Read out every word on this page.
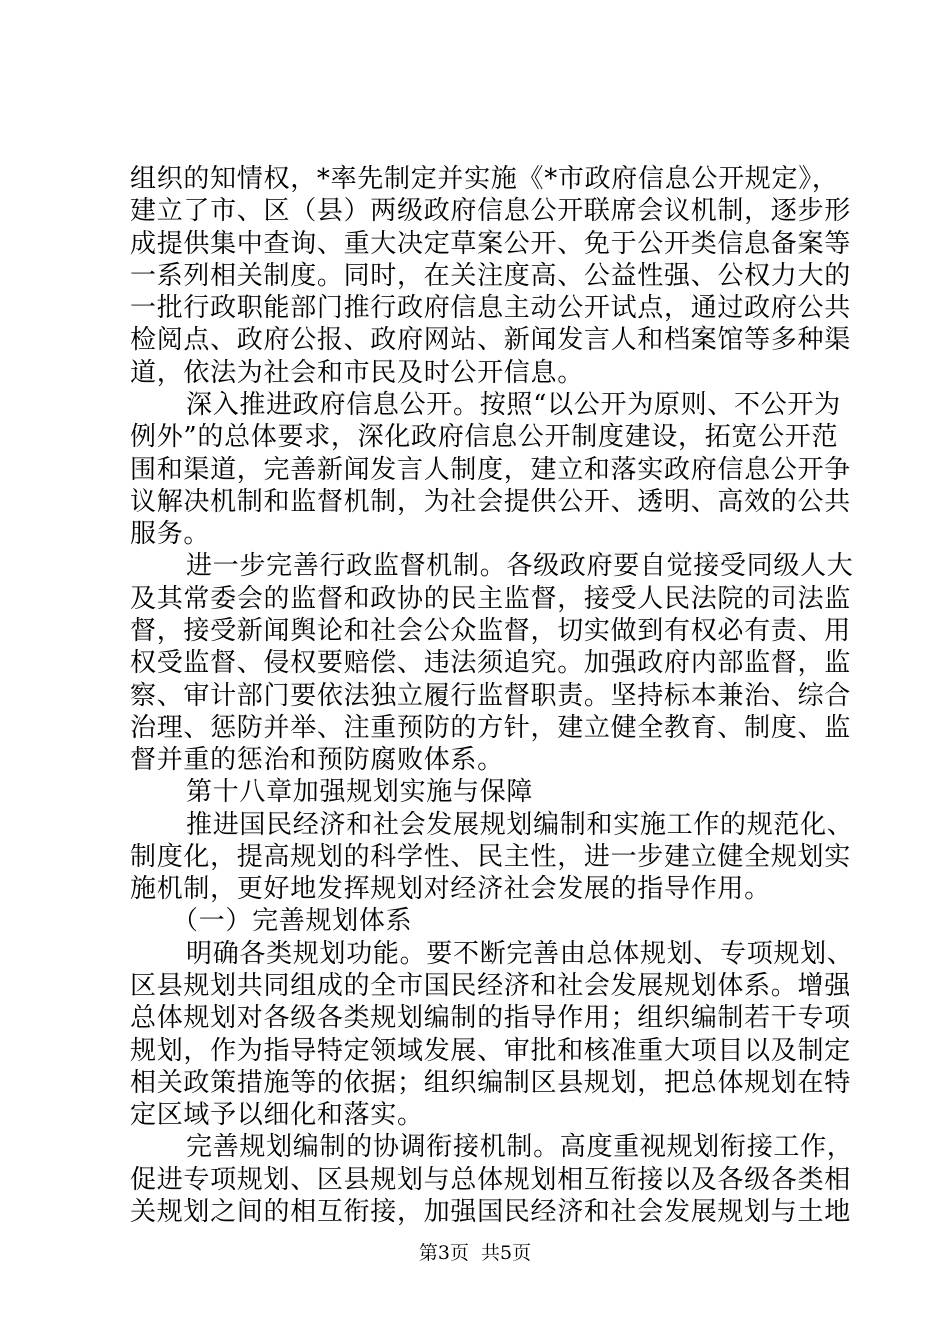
组织的知情权，*率先制定并实施《*市政府信息公开规定》，
建立了市、区（县）两级政府信息公开联席会议机制，逐步形
成提供集中查询、重大决定草案公开、免于公开类信息备案等
一系列相关制度。同时，在关注度高、公益性强、公权力大的
一批行政职能部门推行政府信息主动公开试点，通过政府公共
检阅点、政府公报、政府网站、新闻发言人和档案馆等多种渠
道，依法为社会和市民及时公开信息。
深入推进政府信息公开。按照“以公开为原则、不公开为
例外”的总体要求，深化政府信息公开制度建设，拓宽公开范
围和渠道，完善新闻发言人制度，建立和落实政府信息公开争
议解决机制和监督机制，为社会提供公开、透明、高效的公共
服务。
进一步完善行政监督机制。各级政府要自觉接受同级人大
及其常委会的监督和政协的民主监督，接受人民法院的司法监
督，接受新闻舆论和社会公众监督，切实做到有权必有责、用
权受监督、侵权要赔偿、违法须追究。加强政府内部监督，监
察、审计部门要依法独立履行监督职责。坚持标本兼治、综合
治理、惩防并举、注重预防的方针，建立健全教育、制度、监
督并重的惩治和预防腐败体系。
第十八章加强规划实施与保障
推进国民经济和社会发展规划编制和实施工作的规范化、
制度化，提高规划的科学性、民主性，进一步建立健全规划实
施机制，更好地发挥规划对经济社会发展的指导作用。
（一）完善规划体系
明确各类规划功能。要不断完善由总体规划、专项规划、
区县规划共同组成的全市国民经济和社会发展规划体系。增强
总体规划对各级各类规划编制的指导作用；组织编制若干专项
规划，作为指导特定领域发展、审批和核准重大项目以及制定
相关政策措施等的依据；组织编制区县规划，把总体规划在特
定区域予以细化和落实。
完善规划编制的协调衔接机制。高度重视规划衔接工作，
促进专项规划、区县规划与总体规划相互衔接以及各级各类相
关规划之间的相互衔接，加强国民经济和社会发展规划与土地
第3页 共5页
